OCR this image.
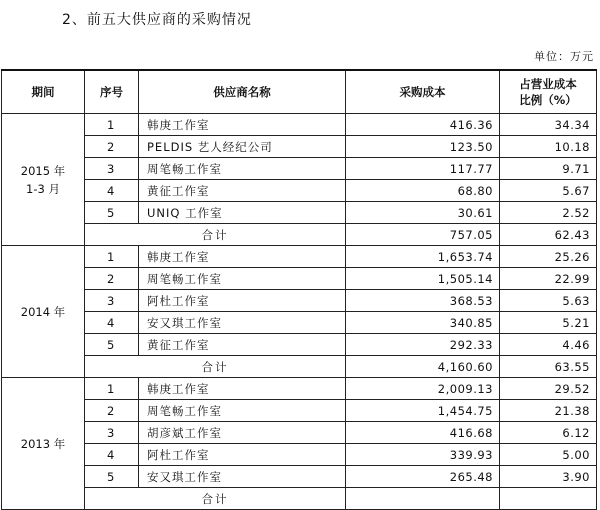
2、前五大供应商的采购情况
单位：万元
期间	序号	供应商名称	采购成本	占营业成本
比例（%）

2015 年
1-3 月	1	韩庚工作室	416.36	34.34
	2	PELDIS 艺人经纪公司	123.50	10.18
	3	周笔畅工作室	117.77	9.71
	4	黄征工作室	68.80	5.67
	5	UNIQ 工作室	30.61	2.52
	合计		757.05	62.43

2014 年	1	韩庚工作室	1,653.74	25.26
	2	周笔畅工作室	1,505.14	22.99
	3	阿杜工作室	368.53	5.63
	4	安又琪工作室	340.85	5.21
	5	黄征工作室	292.33	4.46
	合计		4,160.60	63.55

2013 年	1	韩庚工作室	2,009.13	29.52
	2	周笔畅工作室	1,454.75	21.38
	3	胡彦斌工作室	416.68	6.12
	4	阿杜工作室	339.93	5.00
	5	安又琪工作室	265.48	3.90
	合计			
